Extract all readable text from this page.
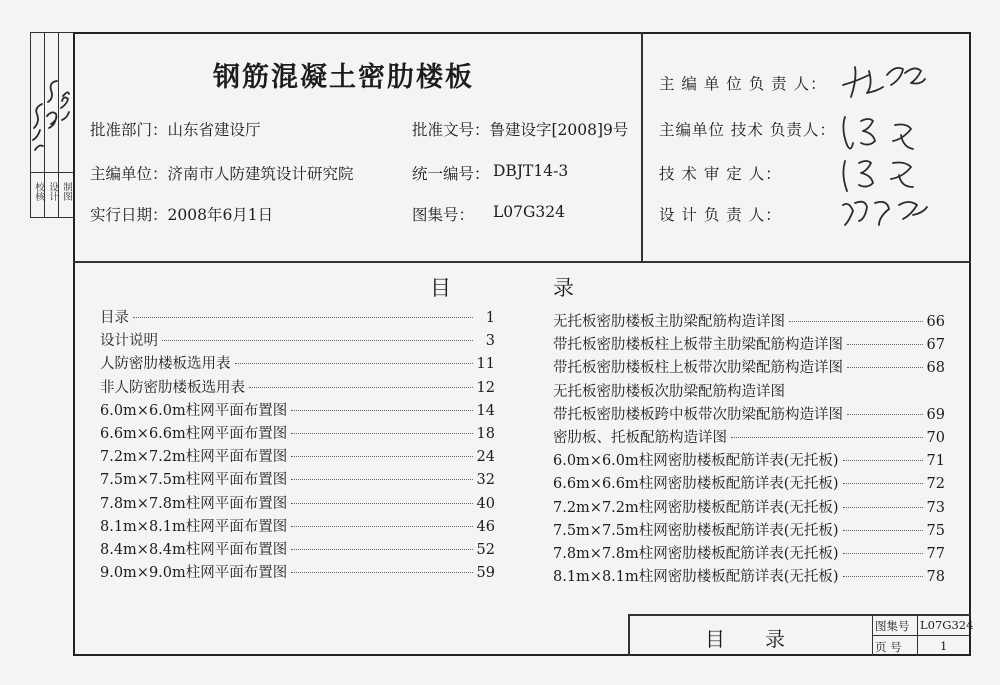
校核 设计 制图
钢筋混凝土密肋楼板
批准部门：山东省建设厅
主编单位：济南市人防建筑设计研究院
实行日期：2008年6月1日
批准文号：鲁建设字[2008]9号
统一编号： DBJT14-3
图集号： L07G324
主 编 单 位 负 责 人：
主编单位 技术 负责人：
技 术 审 定 人：
设 计 负 责 人：
目	录
目录	1
设计说明	3
人防密肋楼板选用表	11
非人防密肋楼板选用表	12
6.0m×6.0m柱网平面布置图	14
6.6m×6.6m柱网平面布置图	18
7.2m×7.2m柱网平面布置图	24
7.5m×7.5m柱网平面布置图	32
7.8m×7.8m柱网平面布置图	40
8.1m×8.1m柱网平面布置图	46
8.4m×8.4m柱网平面布置图	52
9.0m×9.0m柱网平面布置图	59
无托板密肋楼板主肋梁配筋构造详图	66
带托板密肋楼板柱上板带主肋梁配筋构造详图	67
带托板密肋楼板柱上板带次肋梁配筋构造详图	68
无托板密肋楼板次肋梁配筋构造详图
带托板密肋楼板跨中板带次肋梁配筋构造详图	69
密肋板、托板配筋构造详图	70
6.0m×6.0m柱网密肋楼板配筋详表(无托板)	71
6.6m×6.6m柱网密肋楼板配筋详表(无托板)	72
7.2m×7.2m柱网密肋楼板配筋详表(无托板)	73
7.5m×7.5m柱网密肋楼板配筋详表(无托板)	75
7.8m×7.8m柱网密肋楼板配筋详表(无托板)	77
8.1m×8.1m柱网密肋楼板配筋详表(无托板)	78
目录
图集号 L07G324
页 号	1
